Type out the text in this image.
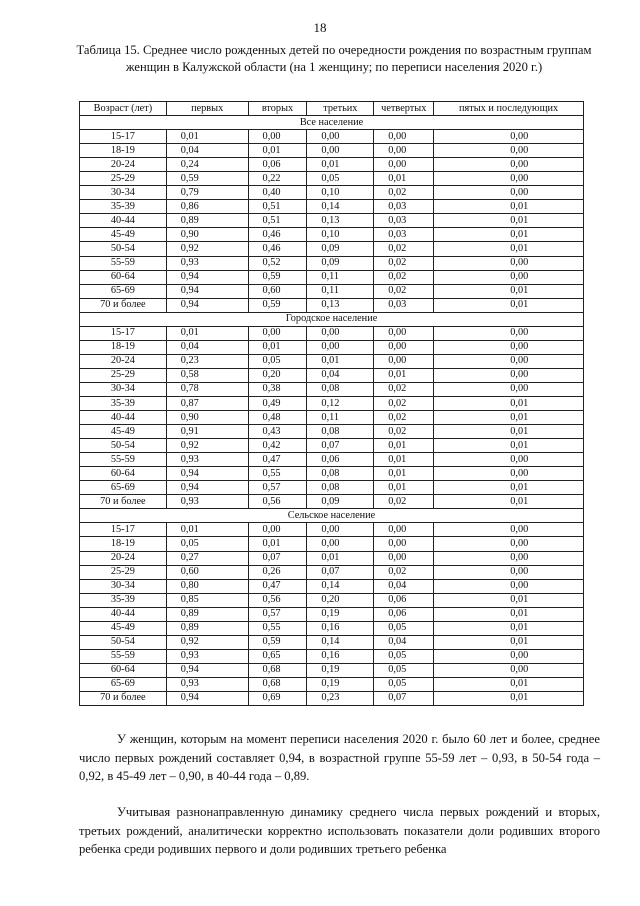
18
Таблица 15. Среднее число рожденных детей по очередности рождения по возрастным группам женщин в Калужской области (на 1 женщину; по переписи населения 2020 г.)
Возраст (лет)	первых	вторых	третьих	четвертых	пятых и последующих
Все население					
15-17	0,01	0,00	0,00	0,00	0,00
18-19	0,04	0,01	0,00	0,00	0,00
20-24	0,24	0,06	0,01	0,00	0,00
25-29	0,59	0,22	0,05	0,01	0,00
30-34	0,79	0,40	0,10	0,02	0,00
35-39	0,86	0,51	0,14	0,03	0,01
40-44	0,89	0,51	0,13	0,03	0,01
45-49	0,90	0,46	0,10	0,03	0,01
50-54	0,92	0,46	0,09	0,02	0,01
55-59	0,93	0,52	0,09	0,02	0,00
60-64	0,94	0,59	0,11	0,02	0,00
65-69	0,94	0,60	0,11	0,02	0,01
70 и более	0,94	0,59	0,13	0,03	0,01
Городское население					
15-17	0,01	0,00	0,00	0,00	0,00
18-19	0,04	0,01	0,00	0,00	0,00
20-24	0,23	0,05	0,01	0,00	0,00
25-29	0,58	0,20	0,04	0,01	0,00
30-34	0,78	0,38	0,08	0,02	0,00
35-39	0,87	0,49	0,12	0,02	0,01
40-44	0,90	0,48	0,11	0,02	0,01
45-49	0,91	0,43	0,08	0,02	0,01
50-54	0,92	0,42	0,07	0,01	0,01
55-59	0,93	0,47	0,06	0,01	0,00
60-64	0,94	0,55	0,08	0,01	0,00
65-69	0,94	0,57	0,08	0,01	0,01
70 и более	0,93	0,56	0,09	0,02	0,01
Сельское население					
15-17	0,01	0,00	0,00	0,00	0,00
18-19	0,05	0,01	0,00	0,00	0,00
20-24	0,27	0,07	0,01	0,00	0,00
25-29	0,60	0,26	0,07	0,02	0,00
30-34	0,80	0,47	0,14	0,04	0,00
35-39	0,85	0,56	0,20	0,06	0,01
40-44	0,89	0,57	0,19	0,06	0,01
45-49	0,89	0,55	0,16	0,05	0,01
50-54	0,92	0,59	0,14	0,04	0,01
55-59	0,93	0,65	0,16	0,05	0,00
60-64	0,94	0,68	0,19	0,05	0,00
65-69	0,93	0,68	0,19	0,05	0,01
70 и более	0,94	0,69	0,23	0,07	0,01

У женщин, которым на момент переписи населения 2020 г. было 60 лет и более, среднее число первых рождений составляет 0,94, в возрастной группе 55-59 лет – 0,93, в 50-54 года – 0,92, в 45-49 лет – 0,90, в 40-44 года – 0,89.

Учитывая разнонаправленную динамику среднего числа первых рождений и вторых, третьих рождений, аналитически корректно использовать показатели доли родивших второго ребенка среди родивших первого и доли родивших третьего ребенка
